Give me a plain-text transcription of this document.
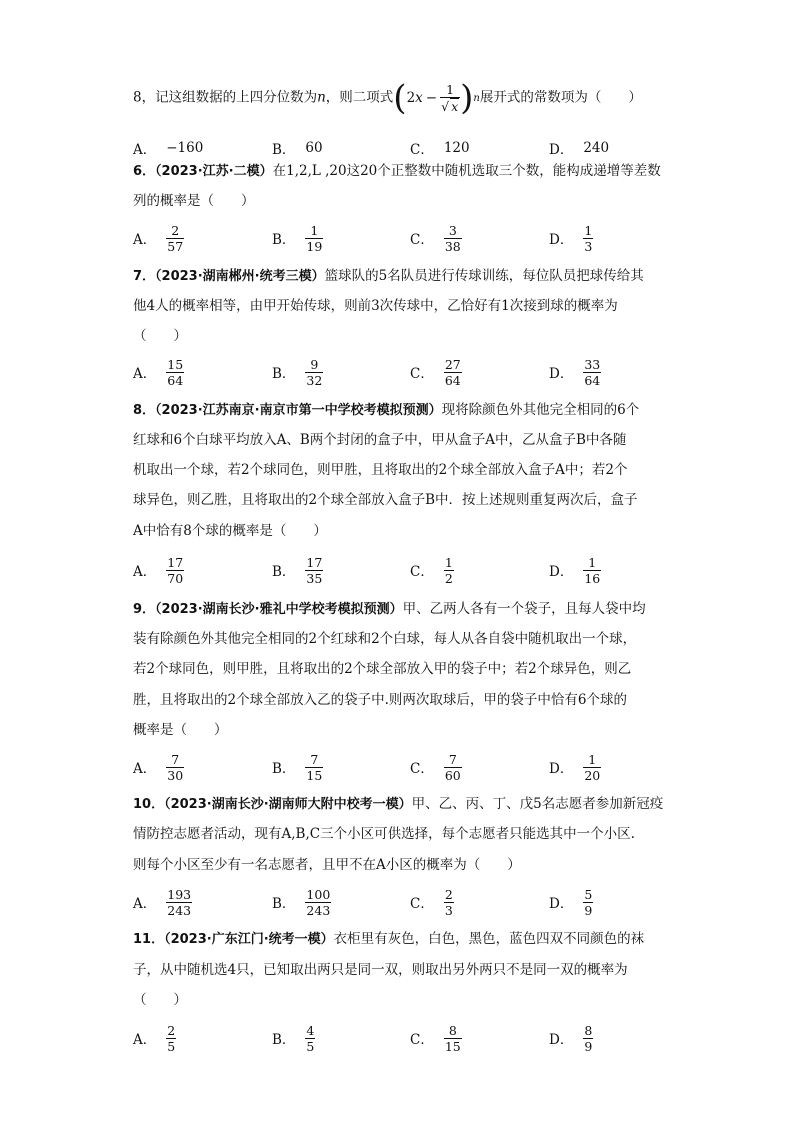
8，记这组数据的上四分位数为n，则二项式 ( 2 $x - \frac{1}{√ x}$ ) n 展开式的常数项为（　　）
A． −160	B． 60	C． 120	D． 240
6．（2023·江苏·二模）在1,2,L ,20这20个正整数中随机选取三个数，能构成递增等差数
列的概率是（　　）
A． $\frac{2}{57}$	B． $\frac{1}{19}$	C． $\frac{3}{38}$	D． $\frac{1}{3}$
7．（2023·湖南郴州·统考三模）篮球队的5名队员进行传球训练，每位队员把球传给其
他4人的概率相等，由甲开始传球，则前3次传球中，乙恰好有1次接到球的概率为
（　　）
A． $\frac{15}{64}$	B． $\frac{9}{32}$	C． $\frac{27}{64}$	D． $\frac{33}{64}$
8．（2023·江苏南京·南京市第一中学校考模拟预测）现将除颜色外其他完全相同的6个
红球和6个白球平均放入A、B两个封闭的盒子中，甲从盒子A中，乙从盒子B中各随
机取出一个球，若2个球同色，则甲胜，且将取出的2个球全部放入盒子A中；若2个
球异色，则乙胜，且将取出的2个球全部放入盒子B中．按上述规则重复两次后，盒子
A中恰有8个球的概率是（　　）
A． $\frac{17}{70}$	B． $\frac{17}{35}$	C． $\frac{1}{2}$	D． $\frac{1}{16}$
9．（2023·湖南长沙·雅礼中学校考模拟预测）甲、乙两人各有一个袋子，且每人袋中均
装有除颜色外其他完全相同的2个红球和2个白球，每人从各自袋中随机取出一个球，
若2个球同色，则甲胜，且将取出的2个球全部放入甲的袋子中；若2个球异色，则乙
胜，且将取出的2个球全部放入乙的袋子中.则两次取球后，甲的袋子中恰有6个球的
概率是（　　）
A． $\frac{7}{30}$	B． $\frac{7}{15}$	C． $\frac{7}{60}$	D． $\frac{1}{20}$
10．（2023·湖南长沙·湖南师大附中校考一模）甲、乙、丙、丁、戊5名志愿者参加新冠疫
情防控志愿者活动，现有A,B,C三个小区可供选择，每个志愿者只能选其中一个小区.
则每个小区至少有一名志愿者，且甲不在A小区的概率为（　　）
A． $\frac{193}{243}$	B． $\frac{100}{243}$	C． $\frac{2}{3}$	D． $\frac{5}{9}$
11．（2023·广东江门·统考一模）衣柜里有灰色，白色，黑色，蓝色四双不同颜色的袜
子，从中随机选4只，已知取出两只是同一双，则取出另外两只不是同一双的概率为
（　　）
A． $\frac{2}{5}$	B． $\frac{4}{5}$	C． $\frac{8}{15}$	D． $\frac{8}{9}$
